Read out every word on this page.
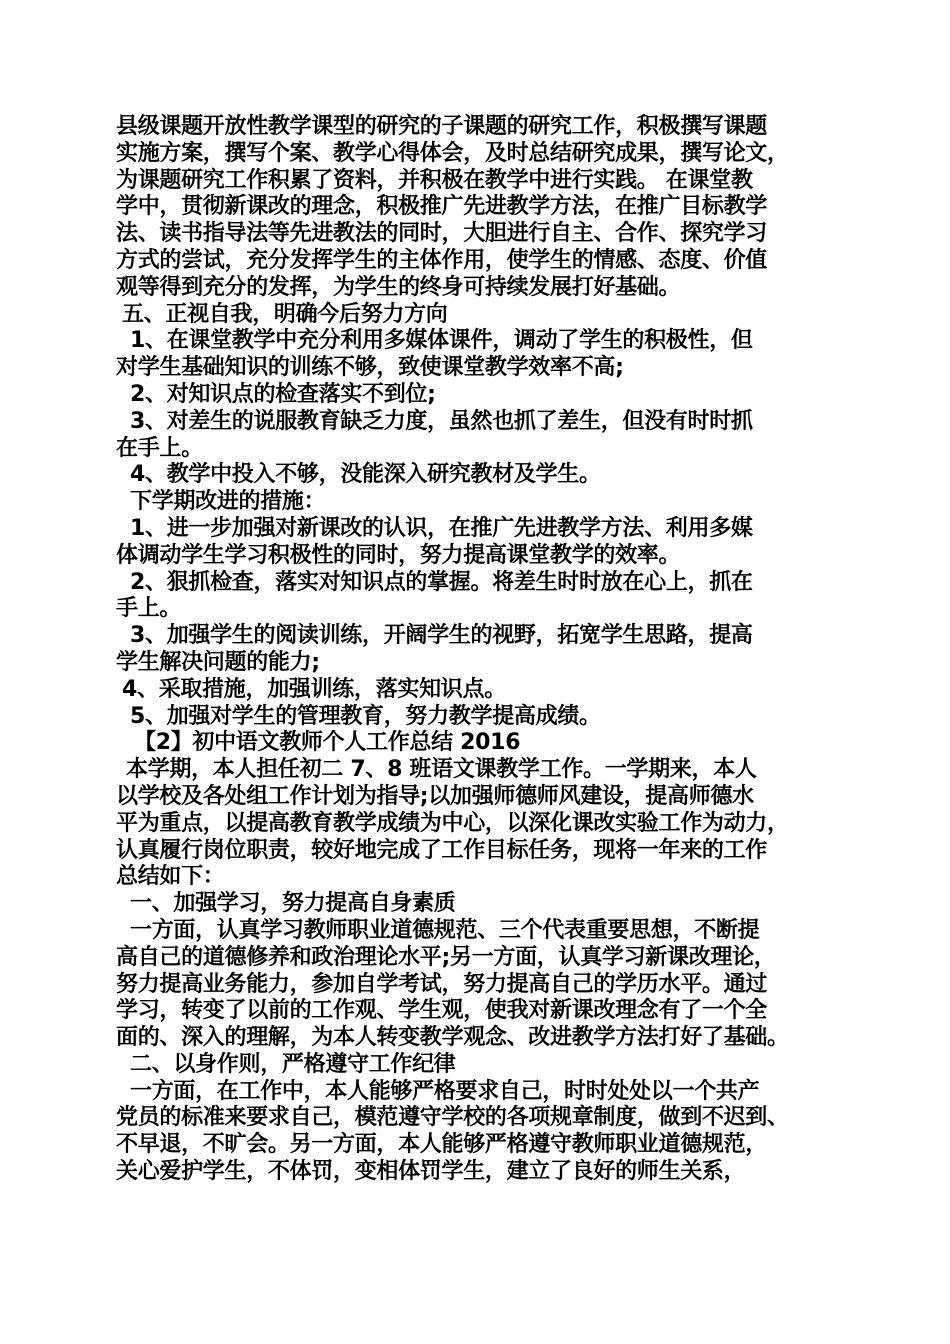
县级课题开放性教学课型的研究的子课题的研究工作，积极撰写课题
实施方案，撰写个案、教学心得体会，及时总结研究成果，撰写论文，
为课题研究工作积累了资料，并积极在教学中进行实践。 在课堂教
学中，贯彻新课改的理念，积极推广先进教学方法，在推广目标教学
法、读书指导法等先进教法的同时，大胆进行自主、合作、探究学习
方式的尝试，充分发挥学生的主体作用，使学生的情感、态度、价值
观等得到充分的发挥，为学生的终身可持续发展打好基础。
五、正视自我，明确今后努力方向
1、在课堂教学中充分利用多媒体课件，调动了学生的积极性，但
对学生基础知识的训练不够，致使课堂教学效率不高;
2、对知识点的检查落实不到位;
3、对差生的说服教育缺乏力度，虽然也抓了差生，但没有时时抓
在手上。
4、教学中投入不够，没能深入研究教材及学生。
下学期改进的措施：
1、进一步加强对新课改的认识，在推广先进教学方法、利用多媒
体调动学生学习积极性的同时，努力提高课堂教学的效率。
2、狠抓检查，落实对知识点的掌握。将差生时时放在心上，抓在
手上。
3、加强学生的阅读训练，开阔学生的视野，拓宽学生思路，提高
学生解决问题的能力;
4、采取措施，加强训练，落实知识点。
5、加强对学生的管理教育，努力教学提高成绩。
【2】初中语文教师个人工作总结 2016
本学期，本人担任初二 7、8 班语文课教学工作。一学期来，本人
以学校及各处组工作计划为指导;以加强师德师风建设，提高师德水
平为重点，以提高教育教学成绩为中心，以深化课改实验工作为动力，
认真履行岗位职责，较好地完成了工作目标任务，现将一年来的工作
总结如下：
一、加强学习，努力提高自身素质
一方面，认真学习教师职业道德规范、三个代表重要思想，不断提
高自己的道德修养和政治理论水平;另一方面，认真学习新课改理论，
努力提高业务能力，参加自学考试，努力提高自己的学历水平。通过
学习，转变了以前的工作观、学生观，使我对新课改理念有了一个全
面的、深入的理解，为本人转变教学观念、改进教学方法打好了基础。
二、以身作则，严格遵守工作纪律
一方面，在工作中，本人能够严格要求自己，时时处处以一个共产
党员的标准来要求自己，模范遵守学校的各项规章制度，做到不迟到、
不早退，不旷会。另一方面，本人能够严格遵守教师职业道德规范，
关心爱护学生，不体罚，变相体罚学生，建立了良好的师生关系，
